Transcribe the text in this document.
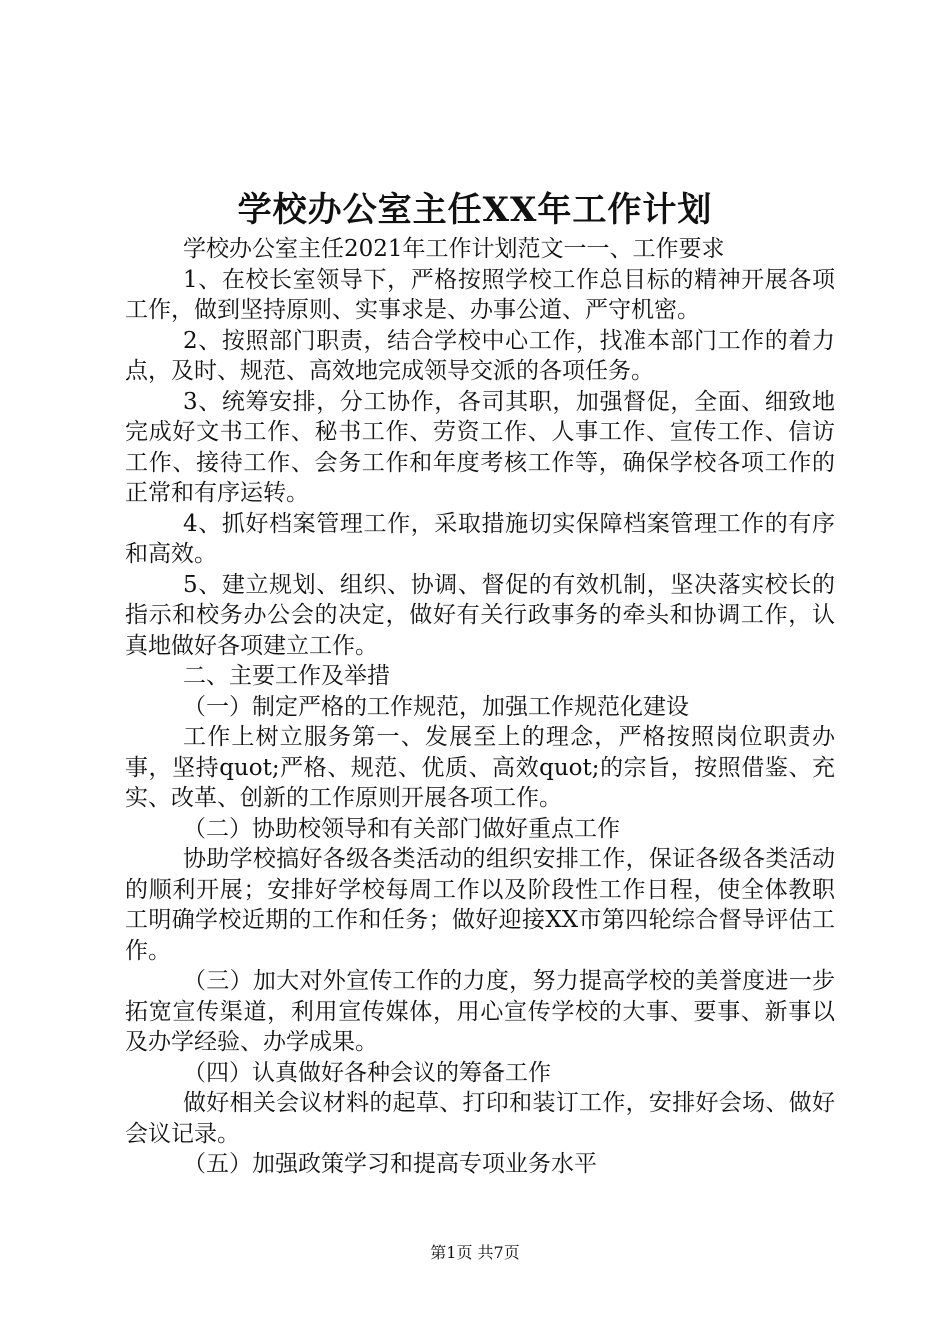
学校办公室主任XX年工作计划

学校办公室主任2021年工作计划范文一一、工作要求

1、在校长室领导下，严格按照学校工作总目标的精神开展各项工作，做到坚持原则、实事求是、办事公道、严守机密。

2、按照部门职责，结合学校中心工作，找准本部门工作的着力点，及时、规范、高效地完成领导交派的各项任务。

3、统筹安排，分工协作，各司其职，加强督促，全面、细致地完成好文书工作、秘书工作、劳资工作、人事工作、宣传工作、信访工作、接待工作、会务工作和年度考核工作等，确保学校各项工作的正常和有序运转。

4、抓好档案管理工作，采取措施切实保障档案管理工作的有序和高效。

5、建立规划、组织、协调、督促的有效机制，坚决落实校长的指示和校务办公会的决定，做好有关行政事务的牵头和协调工作，认真地做好各项建立工作。

二、主要工作及举措

（一）制定严格的工作规范，加强工作规范化建设

工作上树立服务第一、发展至上的理念，严格按照岗位职责办事，坚持quot;严格、规范、优质、高效quot;的宗旨，按照借鉴、充实、改革、创新的工作原则开展各项工作。

（二）协助校领导和有关部门做好重点工作

协助学校搞好各级各类活动的组织安排工作，保证各级各类活动的顺利开展；安排好学校每周工作以及阶段性工作日程，使全体教职工明确学校近期的工作和任务；做好迎接XX市第四轮综合督导评估工作。

（三）加大对外宣传工作的力度，努力提高学校的美誉度进一步拓宽宣传渠道，利用宣传媒体，用心宣传学校的大事、要事、新事以及办学经验、办学成果。

（四）认真做好各种会议的筹备工作

做好相关会议材料的起草、打印和装订工作，安排好会场、做好会议记录。

（五）加强政策学习和提高专项业务水平

第1页 共7页
